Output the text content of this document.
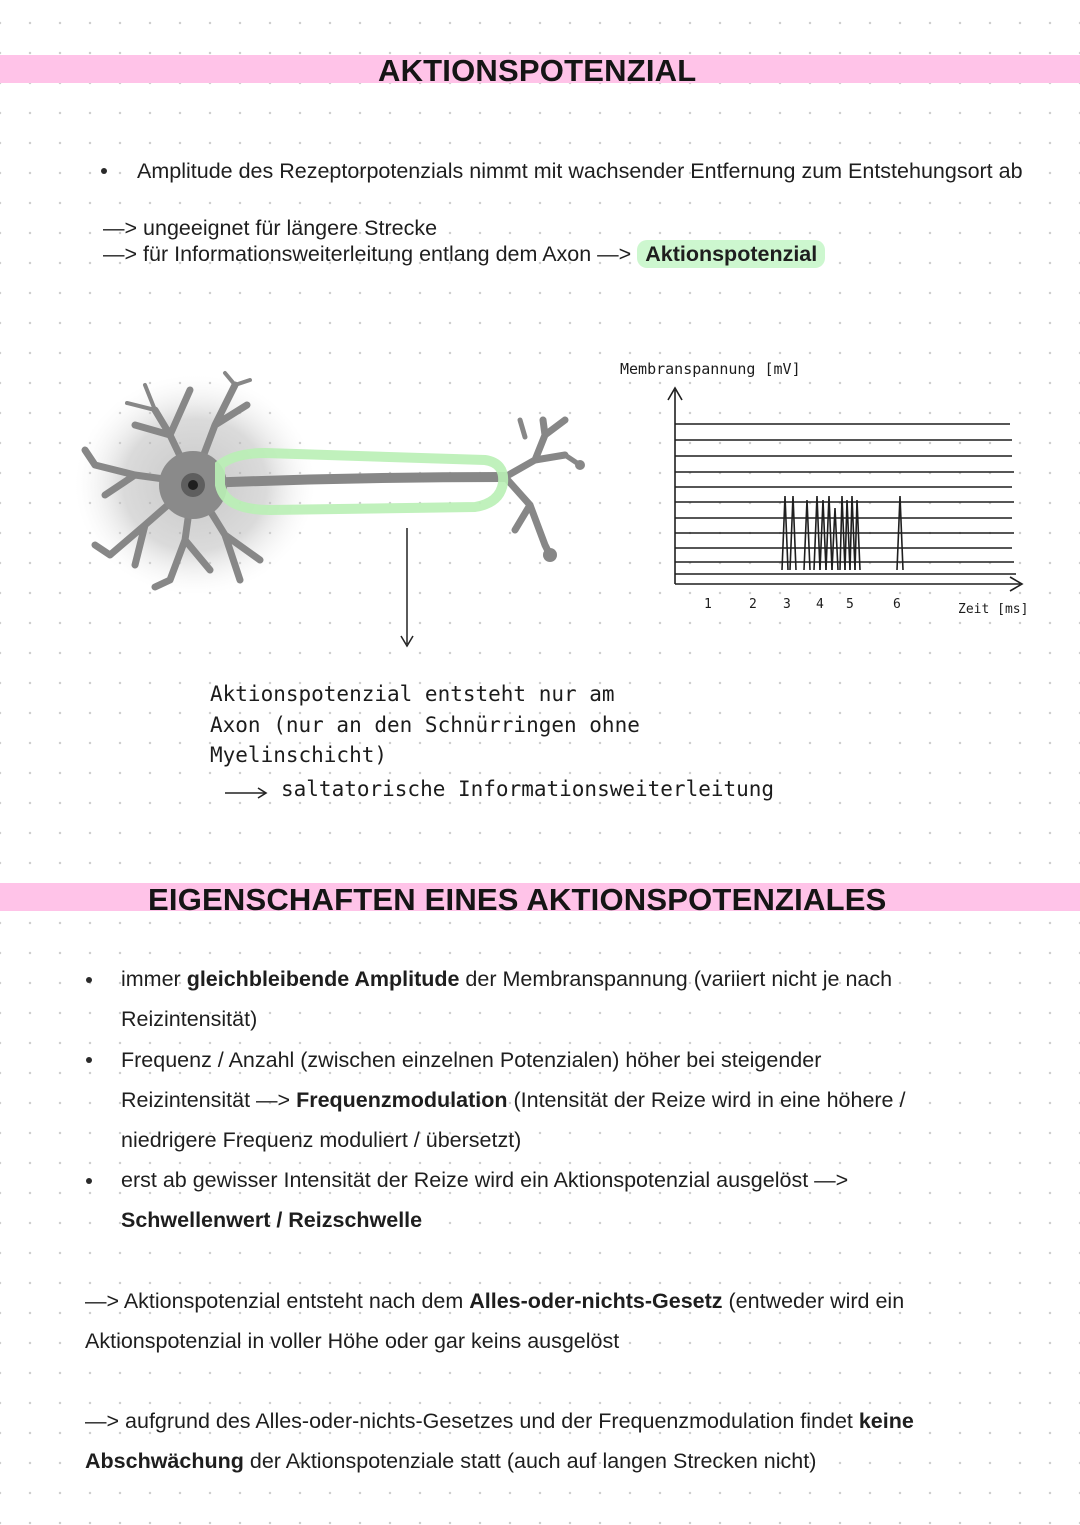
AKTIONSPOTENZIAL
Amplitude des Rezeptorpotenzials nimmt mit wachsender Entfernung zum Entstehungsort ab
—> ungeeignet für längere Strecke
—> für Informationsweiterleitung entlang dem Axon —> Aktionspotenzial
Membranspannung [mV]
1	2 3 4 5	6	Zeit [ms]
Aktionspotenzial entsteht nur am
Axon (nur an den Schnürringen ohne
Myelinschicht)
saltatorische Informationsweiterleitung
EIGENSCHAFTEN EINES AKTIONSPOTENZIALES
immer gleichbleibende Amplitude der Membranspannung (variiert nicht je nach
Reizintensität)
Frequenz / Anzahl (zwischen einzelnen Potenzialen) höher bei steigender
Reizintensität —> Frequenzmodulation (Intensität der Reize wird in eine höhere /
niedrigere Frequenz moduliert / übersetzt)
erst ab gewisser Intensität der Reize wird ein Aktionspotenzial ausgelöst —>
Schwellenwert / Reizschwelle
—> Aktionspotenzial entsteht nach dem Alles-oder-nichts-Gesetz (entweder wird ein
Aktionspotenzial in voller Höhe oder gar keins ausgelöst
—> aufgrund des Alles-oder-nichts-Gesetzes und der Frequenzmodulation findet keine
Abschwächung der Aktionspotenziale statt (auch auf langen Strecken nicht)
